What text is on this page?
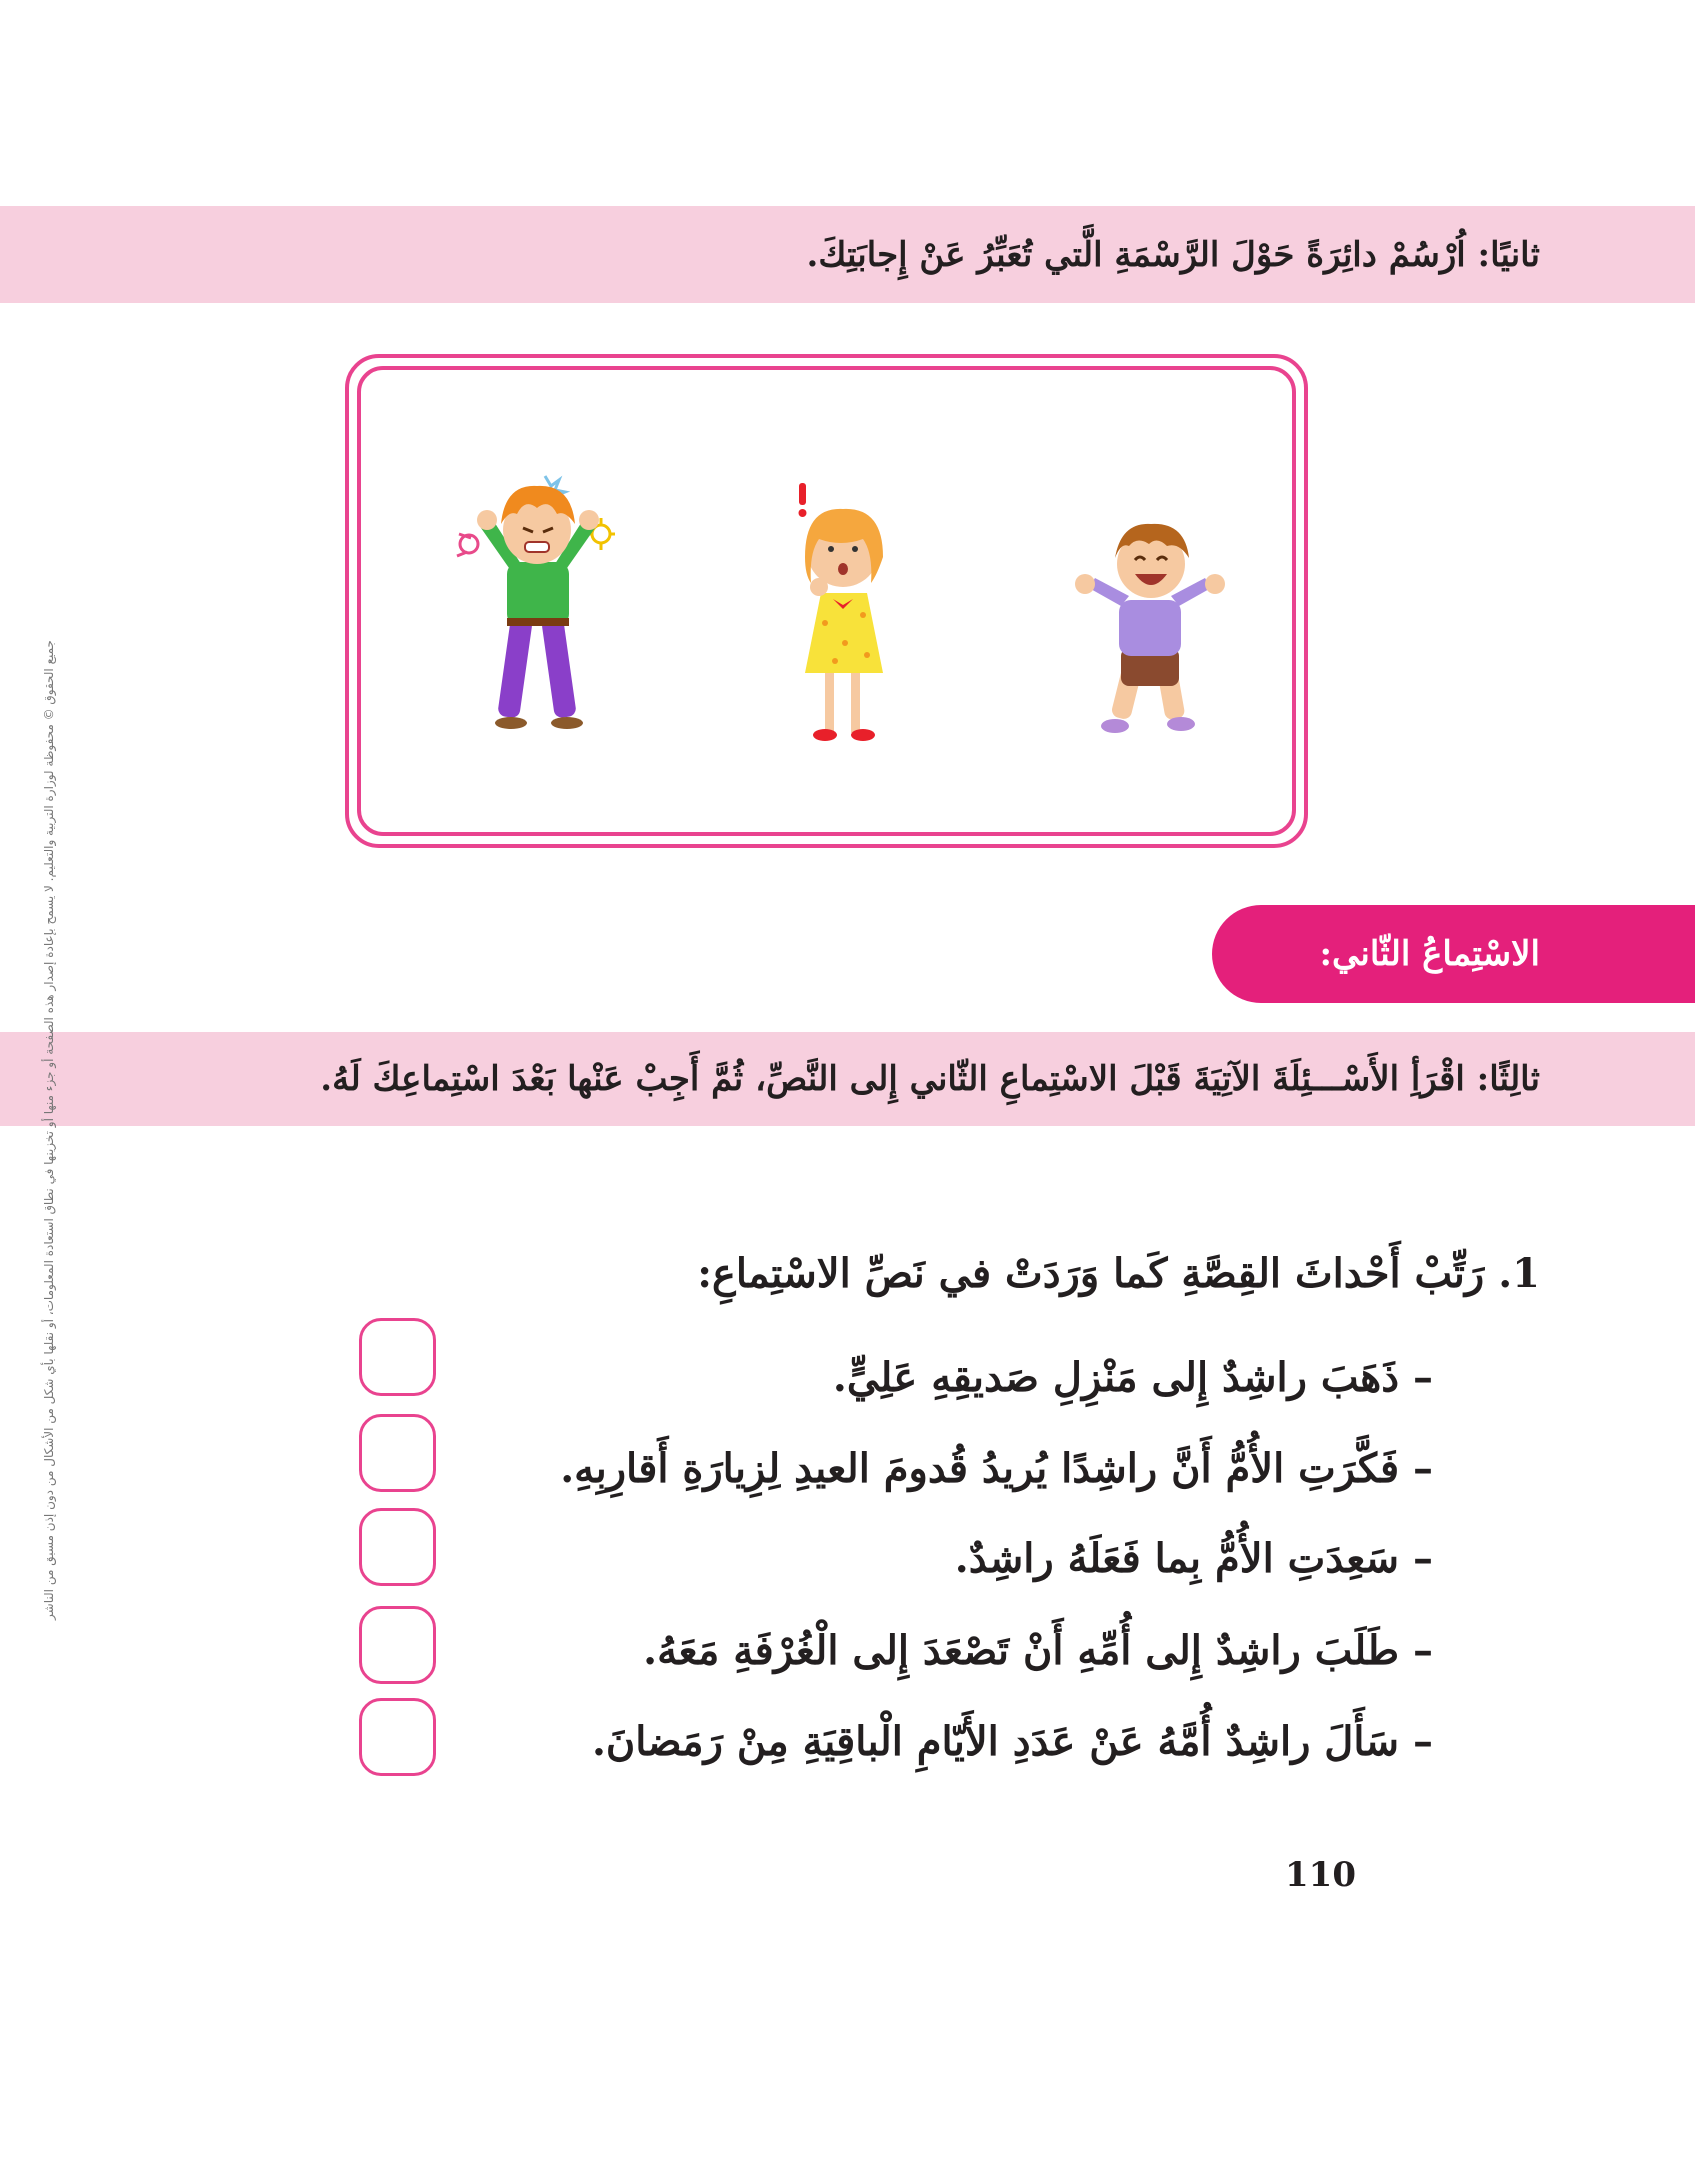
ثانيًا: اُرْسُمْ دائِرَةً حَوْلَ الرَّسْمَةِ الَّتي تُعَبِّرُ عَنْ إِجابَتِكَ.
الاسْتِماعُ الثّاني:
ثالِثًا: اقْرَأِ الأَسْـــئِلَةَ الآتِيَةَ قَبْلَ الاسْتِماعِ الثّاني إِلى النَّصِّ، ثُمَّ أَجِبْ عَنْها بَعْدَ اسْتِماعِكَ لَهُ.
جميع الحقوق © محفوظة لوزارة التربية والتعليم. لا يسمح بإعادة إصدار هذه الصفحة أو جزء منها أو تخزينها في نطاق استعادة المعلومات، أو نقلها بأي شكل من الأشكال من دون إذن مسبق من الناشر	1.رَتِّبْ أَحْداثَ القِصَّةِ كَما وَرَدَتْ في نَصِّ الاسْتِماعِ:
– ذَهَبَ راشِدٌ إِلى مَنْزِلِ صَديقِهِ عَلِيٍّ.
– فَكَّرَتِ الأُمُّ أَنَّ راشِدًا يُريدُ قُدومَ العيدِ لِزِيارَةِ أَقارِبِهِ.
– سَعِدَتِ الأُمُّ بِما فَعَلَهُ راشِدٌ.
– طَلَبَ راشِدٌ إِلى أُمِّهِ أَنْ تَصْعَدَ إِلى الْغُرْفَةِ مَعَهُ.
– سَأَلَ راشِدٌ أُمَّهُ عَنْ عَدَدِ الأَيّامِ الْباقِيَةِ مِنْ رَمَضانَ.
110
